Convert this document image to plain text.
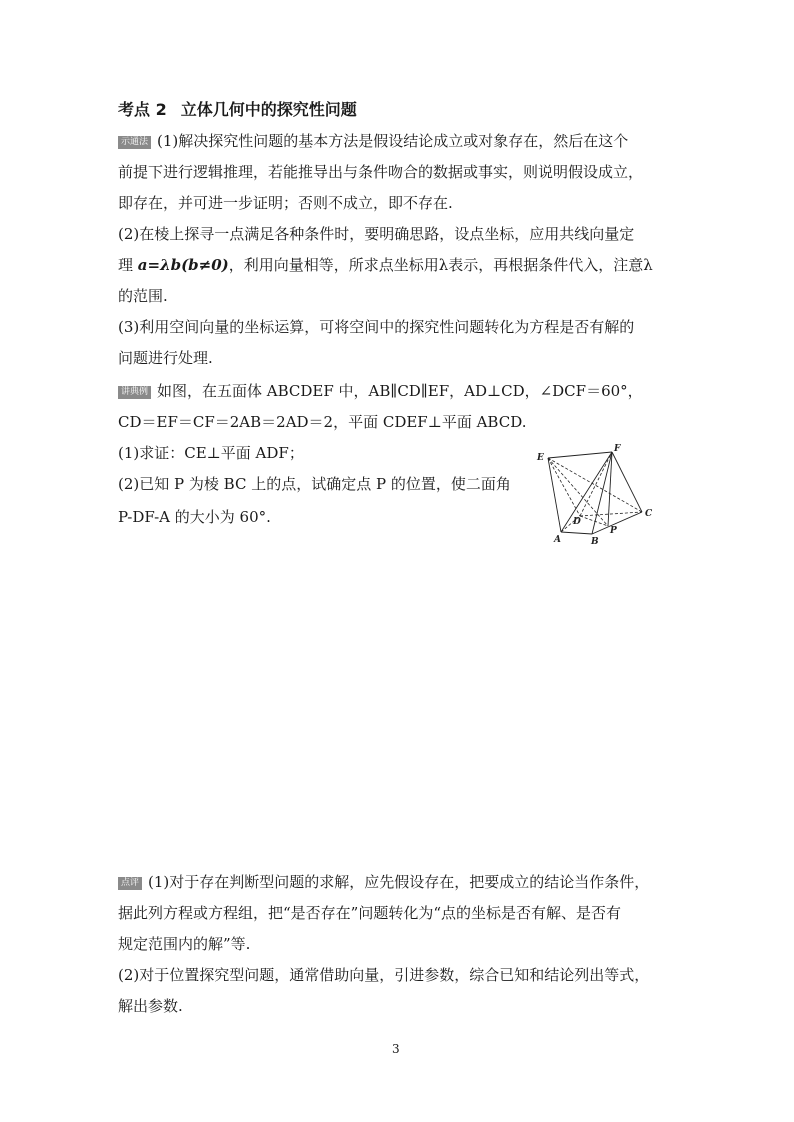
考点 2 立体几何中的探究性问题
示通法 (1)解决探究性问题的基本方法是假设结论成立或对象存在，然后在这个
前提下进行逻辑推理，若能推导出与条件吻合的数据或事实，则说明假设成立，
即存在，并可进一步证明；否则不成立，即不存在.
(2)在棱上探寻一点满足各种条件时，要明确思路，设点坐标，应用共线向量定
理 a=λb(b≠0)，利用向量相等，所求点坐标用λ表示，再根据条件代入，注意λ
的范围.
(3)利用空间向量的坐标运算，可将空间中的探究性问题转化为方程是否有解的
问题进行处理.
讲典例 如图，在五面体 ABCDEF 中，AB∥CD∥EF，AD⊥CD，∠DCF＝60°，
CD＝EF＝CF＝2AB＝2AD＝2，平面 CDEF⊥平面 ABCD.
(1)求证：CE⊥平面 ADF；
(2)已知 P 为棱 BC 上的点，试确定点 P 的位置，使二面角
P-DF-A 的大小为 60°.
E
F
A	B
C
D
P
点评 (1)对于存在判断型问题的求解，应先假设存在，把要成立的结论当作条件，
据此列方程或方程组，把“是否存在”问题转化为“点的坐标是否有解、是否有
规定范围内的解”等.
(2)对于位置探究型问题，通常借助向量，引进参数，综合已知和结论列出等式，
解出参数.
3
